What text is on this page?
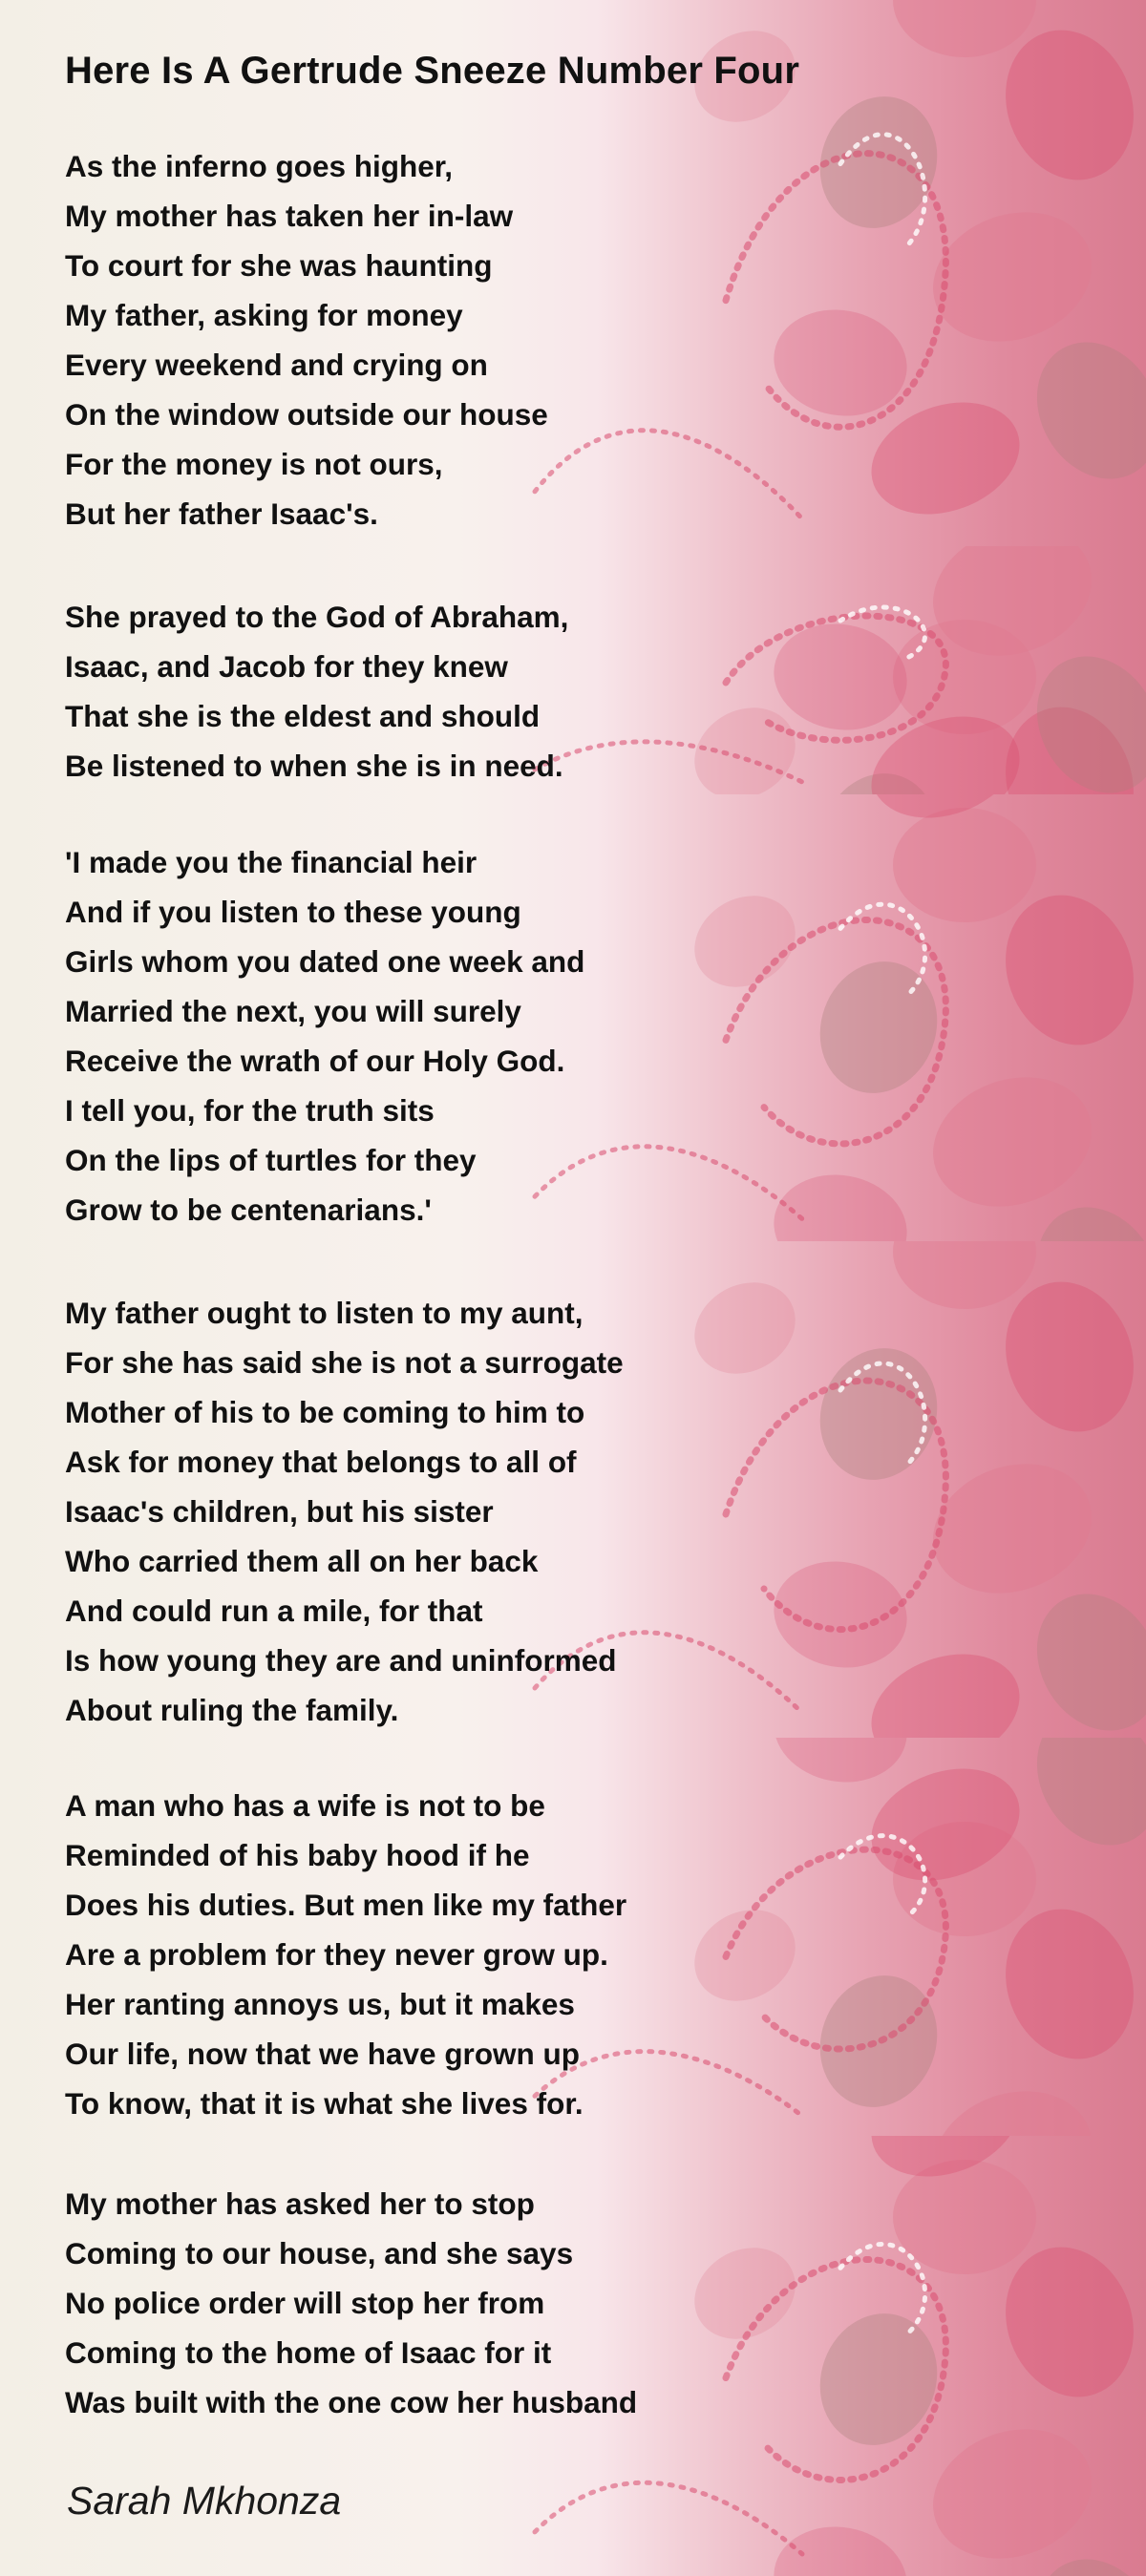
Here Is A Gertrude Sneeze Number Four
As the inferno goes higher,
My mother has taken her in-law
To court for she was haunting
My father, asking for money
Every weekend and crying on
On the window outside our house
For the money is not ours,
But her father Isaac's.
She prayed to the God of Abraham,
Isaac, and Jacob for they knew
That she is the eldest and should
Be listened to when she is in need.
'I made you the financial heir
And if you listen to these young
Girls whom you dated one week and
Married the next, you will surely
Receive the wrath of our Holy God.
I tell you, for the truth sits
On the lips of turtles for they
Grow to be centenarians.'
My father ought to listen to my aunt,
For she has said she is not a surrogate
Mother of his to be coming to him to
Ask for money that belongs to all of
Isaac's children, but his sister
Who carried them all on her back
And could run a mile, for that
Is how young they are and uninformed
About ruling the family.
A man who has a wife is not to be
Reminded of his baby hood if he
Does his duties. But men like my father
Are a problem for they never grow up.
Her ranting annoys us, but it makes
Our life, now that we have grown up
To know, that it is what she lives for.
My mother has asked her to stop
Coming to our house, and she says
No police order will stop her from
Coming to the home of Isaac for it
Was built with the one cow her husband
Sarah Mkhonza
